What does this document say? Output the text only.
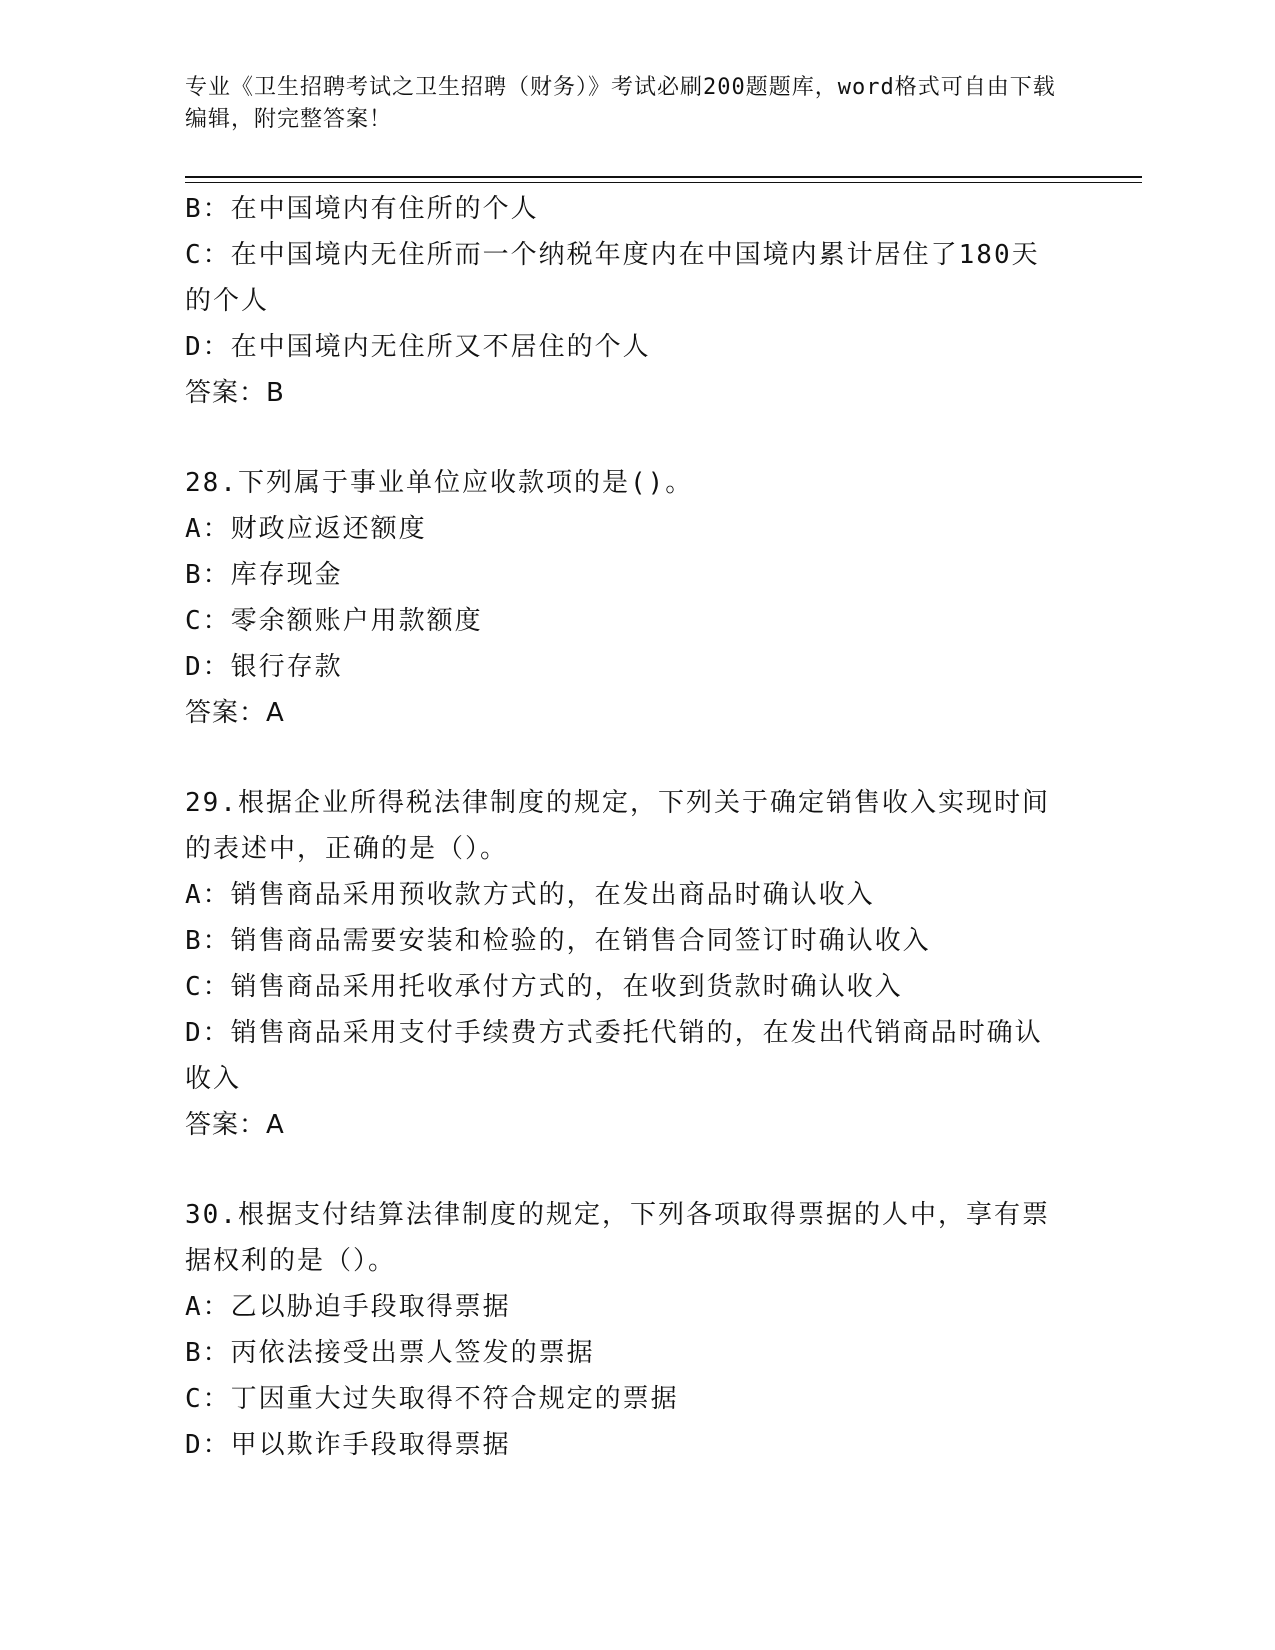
专业《卫生招聘考试之卫生招聘（财务）》考试必刷200题题库，word格式可自由下载编辑，附完整答案！
B：在中国境内有住所的个人
C：在中国境内无住所而一个纳税年度内在中国境内累计居住了180天的个人
D：在中国境内无住所又不居住的个人
答案：B
28.下列属于事业单位应收款项的是()。
A：财政应返还额度
B：库存现金
C：零余额账户用款额度
D：银行存款
答案：A
29.根据企业所得税法律制度的规定，下列关于确定销售收入实现时间的表述中，正确的是（）。
A：销售商品采用预收款方式的，在发出商品时确认收入
B：销售商品需要安装和检验的，在销售合同签订时确认收入
C：销售商品采用托收承付方式的，在收到货款时确认收入
D：销售商品采用支付手续费方式委托代销的，在发出代销商品时确认收入
答案：A
30.根据支付结算法律制度的规定，下列各项取得票据的人中，享有票据权利的是（）。
A：乙以胁迫手段取得票据
B：丙依法接受出票人签发的票据
C：丁因重大过失取得不符合规定的票据
D：甲以欺诈手段取得票据
